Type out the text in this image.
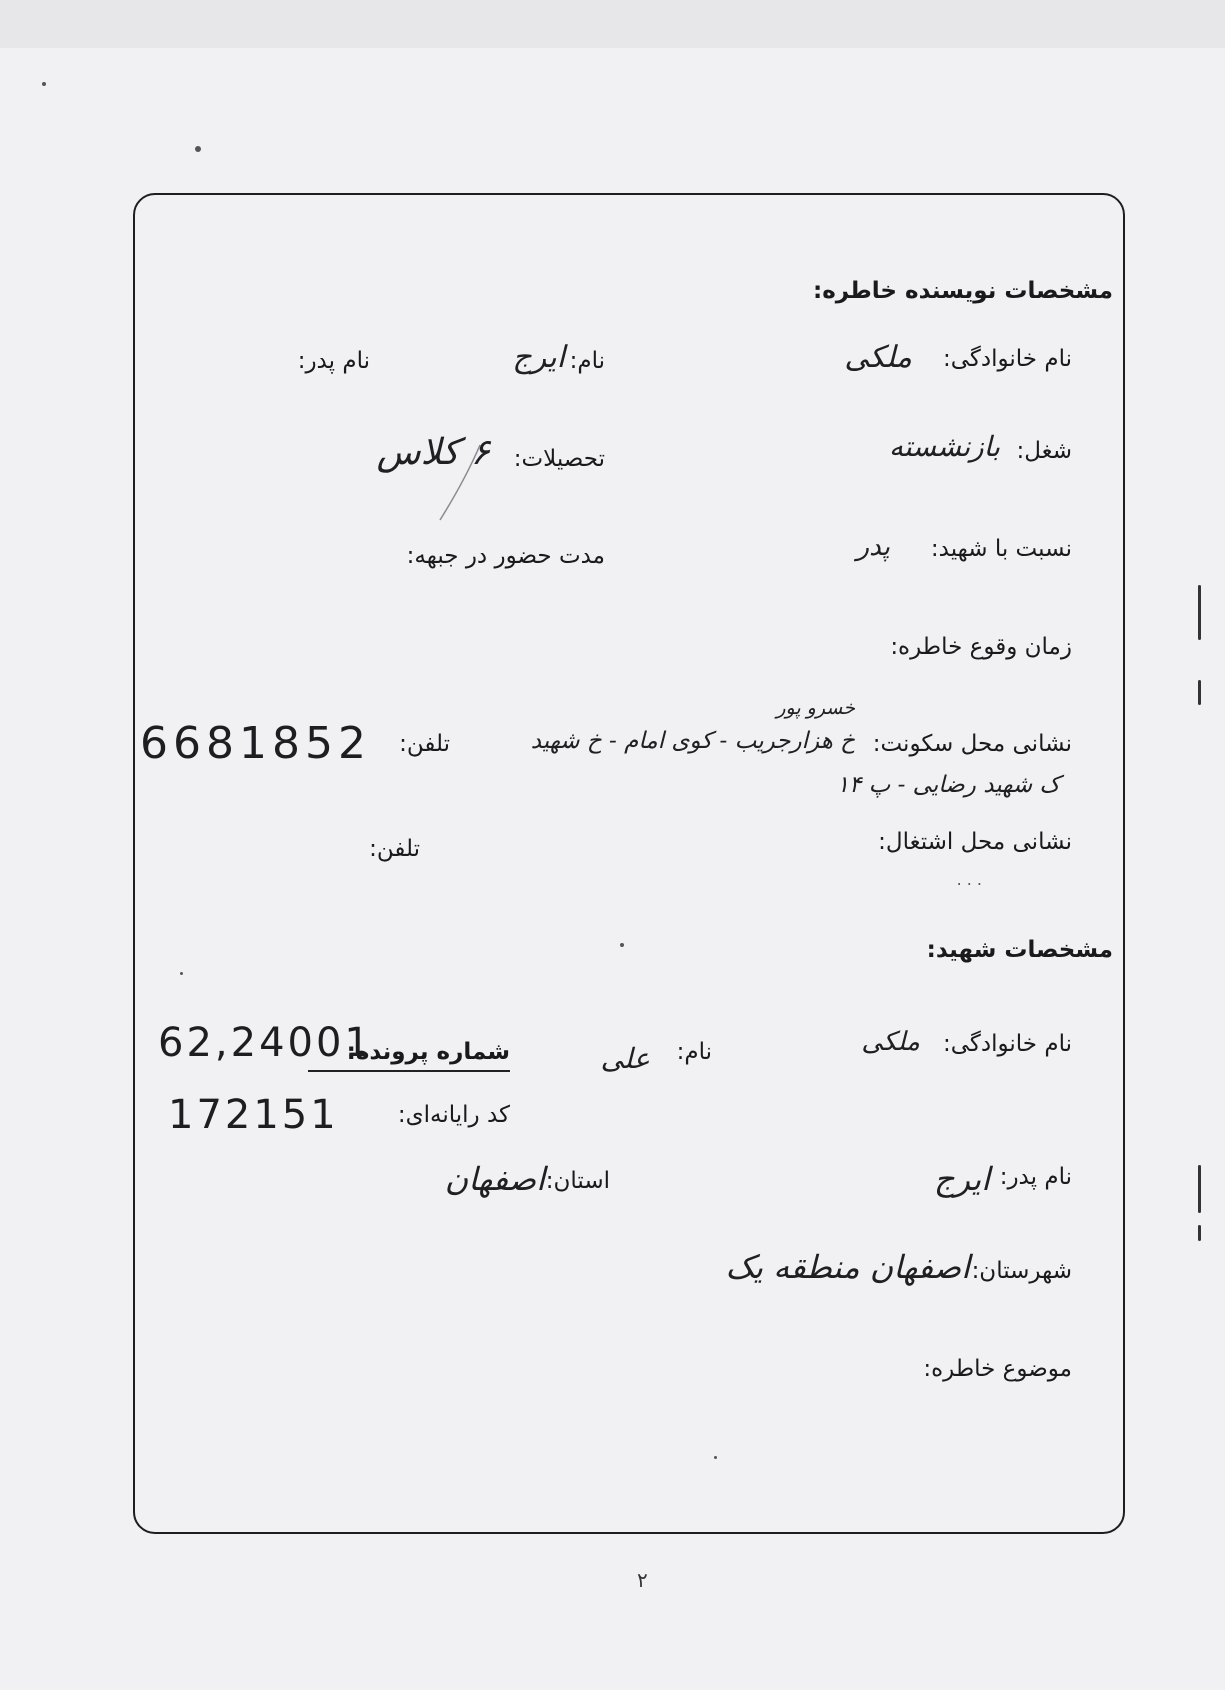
مشخصات نویسنده خاطره:
نام خانوادگی:
ملکی
نام:
ایرج
نام پدر:
شغل:
بازنشسته
تحصیلات:
۶ کلاس
نسبت با شهید:
پدر
مدت حضور در جبهه:
زمان وقوع خاطره:
نشانی محل سکونت:
خ هزارجریب - کوی امام - خ شهید
خسرو پور
تلفن:
6681852
ک شهید رضایی - پ ۱۴
نشانی محل اشتغال:
تلفن:
. . .
مشخصات شهید:
نام خانوادگی:
ملکی
نام:
علی
شماره پرونده:
62,24001
کد رایانه‌ای:
172151
نام پدر:
ایرج
استان:
اصفهان
شهرستان:
اصفهان منطقه یک
موضوع خاطره:
۲
